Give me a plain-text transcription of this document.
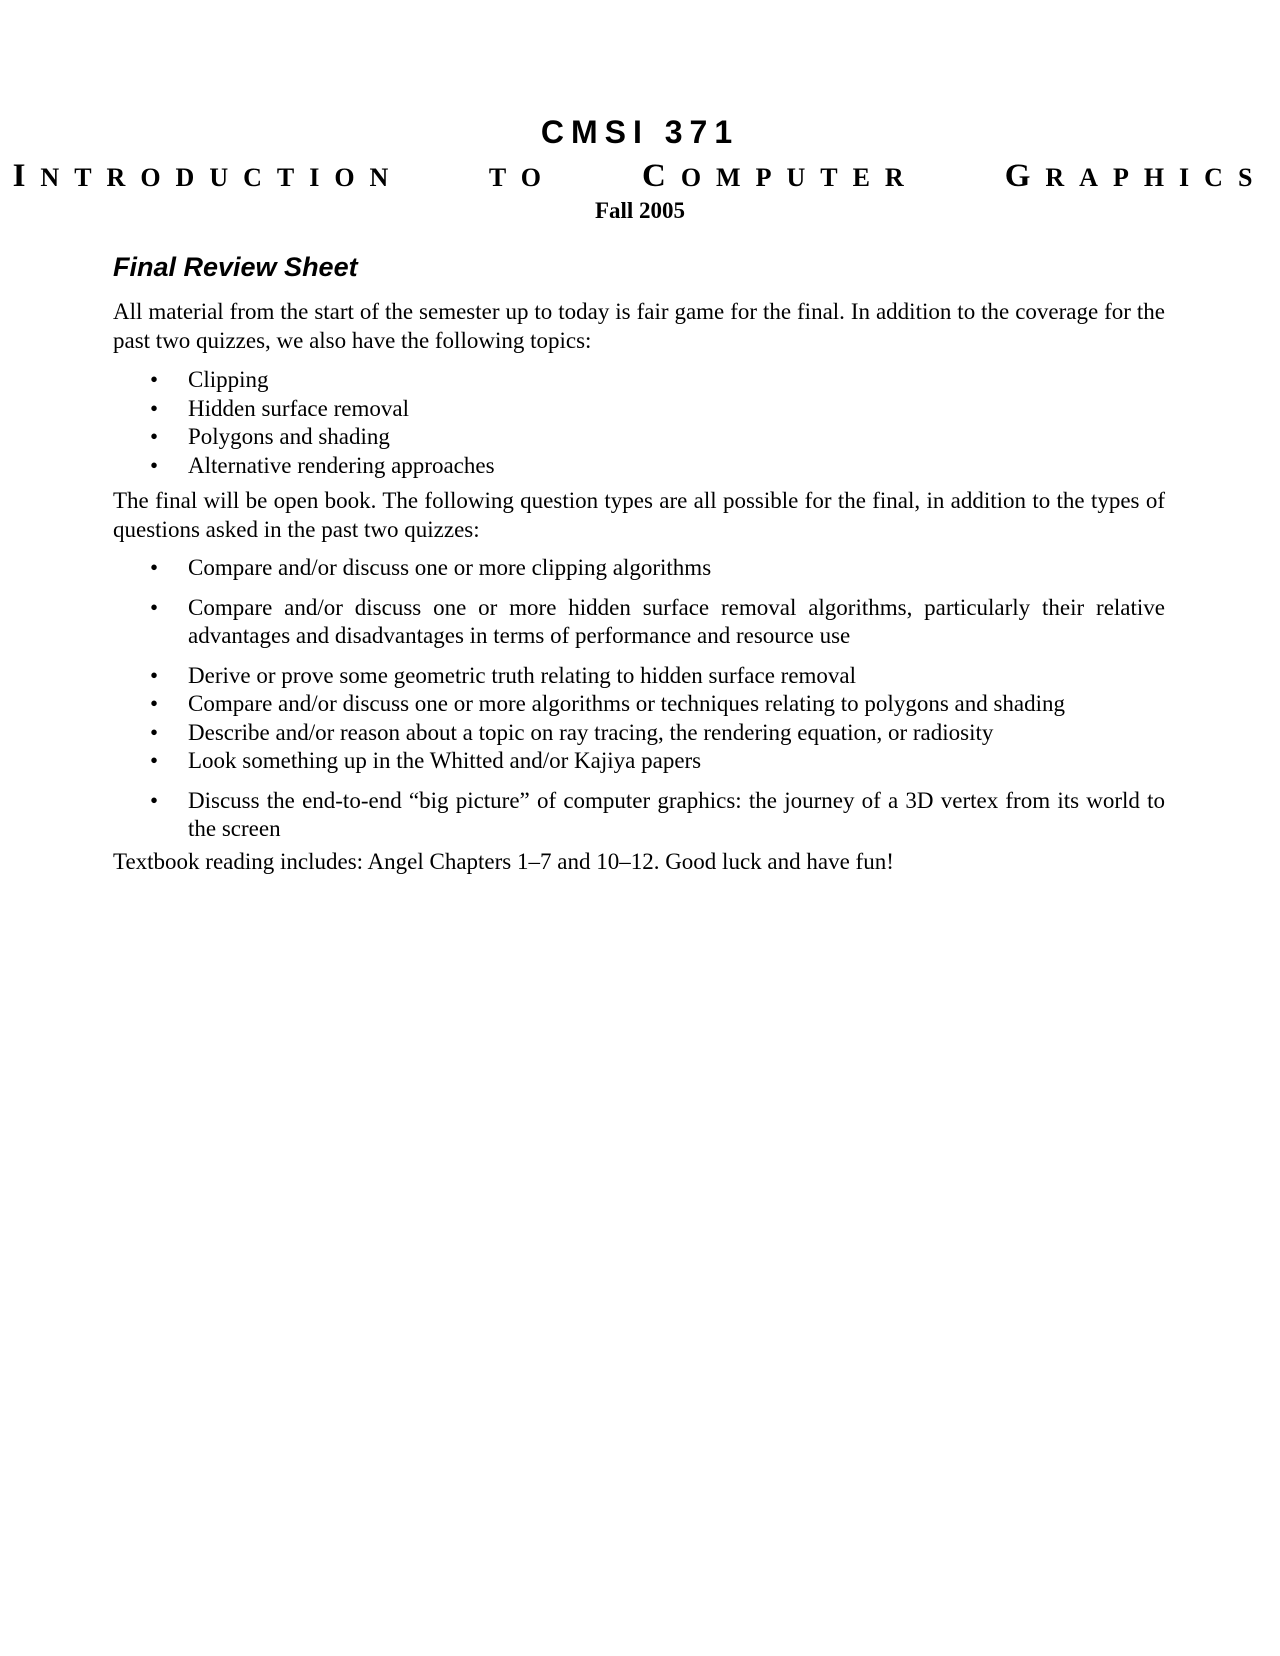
CMSI 371
INTRODUCTION	TO	COMPUTER	GRAPHICS
Fall 2005
Final Review Sheet

All material from the start of the semester up to today is fair game for the final. In addition to the coverage for the past two quizzes, we also have the following topics:

• Clipping
• Hidden surface removal
• Polygons and shading
• Alternative rendering approaches

The final will be open book. The following question types are all possible for the final, in addition to the types of questions asked in the past two quizzes:

• Compare and/or discuss one or more clipping algorithms
• Compare and/or discuss one or more hidden surface removal algorithms, particularly their relative advantages and disadvantages in terms of performance and resource use
• Derive or prove some geometric truth relating to hidden surface removal
• Compare and/or discuss one or more algorithms or techniques relating to polygons and shading
• Describe and/or reason about a topic on ray tracing, the rendering equation, or radiosity
• Look something up in the Whitted and/or Kajiya papers
• Discuss the end-to-end “big picture” of computer graphics: the journey of a 3D vertex from its world to the screen

Textbook reading includes: Angel Chapters 1–7 and 10–12. Good luck and have fun!
